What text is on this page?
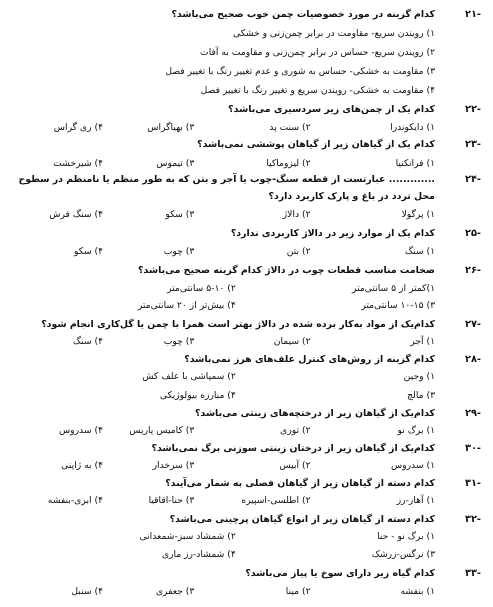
۲۱-
کدام گزینه در مورد خصوصیات چمن خوب صحیح می‌باشد؟
۱) رویندن سریع- مقاومت در برابر چمن‌زنی و خشکی
۲) رویندن سریع- حساس در برابر چمن‌زنی و مقاومت به آفات
۳) مقاومت به خشکی- حساس به شوری و عدم تغییر رنگ با تغییر فصل
۴) مقاومت به خشکی- رویندن سریع و تغییر رنگ با تغییر فصل
۲۲-
کدام یک از چمن‌های زیر سردسیری می‌باشد؟
۱) دایکوندرا
۲) سنت پد
۳) بهیاگراس
۴) ری گراس
۲۳-
کدام یک از گیاهان زیر از گیاهان پوششی نمی‌باشد؟
۱) فرانکنیا
۲) لیزوماکیا
۳) تیموس
۴) شیرخشت
۲۴-
............. عبارتست از قطعه سنگ-چوب یا آجر و بتن که به طور منظم یا نامنظم در سطوح
محل تردد در باغ و پارک کاربرد دارد؟
۱) پرگولا
۲) دالاژ
۳) سکو
۴) سنگ فرش
۲۵-
کدام یک از موارد زیر در دالاژ کاربردی ندارد؟
۱) سنگ
۲) بتن
۳) چوب
۴) سکو
۲۶-
ضخامت مناسب قطعات چوب در دالاژ کدام گزینه صحیح می‌باشد؟
۱)کمتر از ۵ سانتی‌متر
۲) ۵-۱۰ سانتی‌متر
۳) ۱۰-۱۵ سانتی‌متر
۴) بیش‌تر از ۲۰ سانتی‌متر
۲۷-
کدام‌یک از مواد به‌کار برده شده در دالاژ بهتر است همرا با چمن یا گل‌کاری انجام شود؟
۱) آجر
۲) سیمان
۳) چوب
۴) سنگ
۲۸-
کدام گزینه از روش‌های کنترل علف‌های هرز نمی‌باشد؟
۱) وجین
۲) سمپاشی با علف کش
۳) مالچ
۴) مبارزه بیولوژیکی
۲۹-
کدام‌یک از گیاهان زیر از درختچه‌های زینتی می‌باشد؟
۱) برگ نو
۲) توری
۳) کامیس پاریس
۴) سدروس
۳۰-
کدام‌یک از گیاهان زیر از درختان زینتی سوزنی برگ نمی‌باشد؟
۱) سدروس
۲) آبیس
۳) سرخدار
۴) به ژاپنی
۳۱-
کدام دسته از گیاهان زیر از گیاهان فصلی به شمار می‌آیند؟
۱) آهار-رز
۲) اطلسی-اسپیره
۳) حنا-اقاقیا
۴) ابری-بنفشه
۳۲-
کدام دسته از گیاهان زیر از انواع گیاهان پرچینی می‌باشد؟
۱) برگ نو - حنا
۲) شمشاد سبز-شمعدانی
۳) نرگس-زرشک
۴) شمشاد-رز ماری
۳۳-
کدام گیاه زیر دارای سوخ یا پیاز می‌باشد؟
۱) بنفشه
۲) مینا
۳) جعفری
۴) سنبل
